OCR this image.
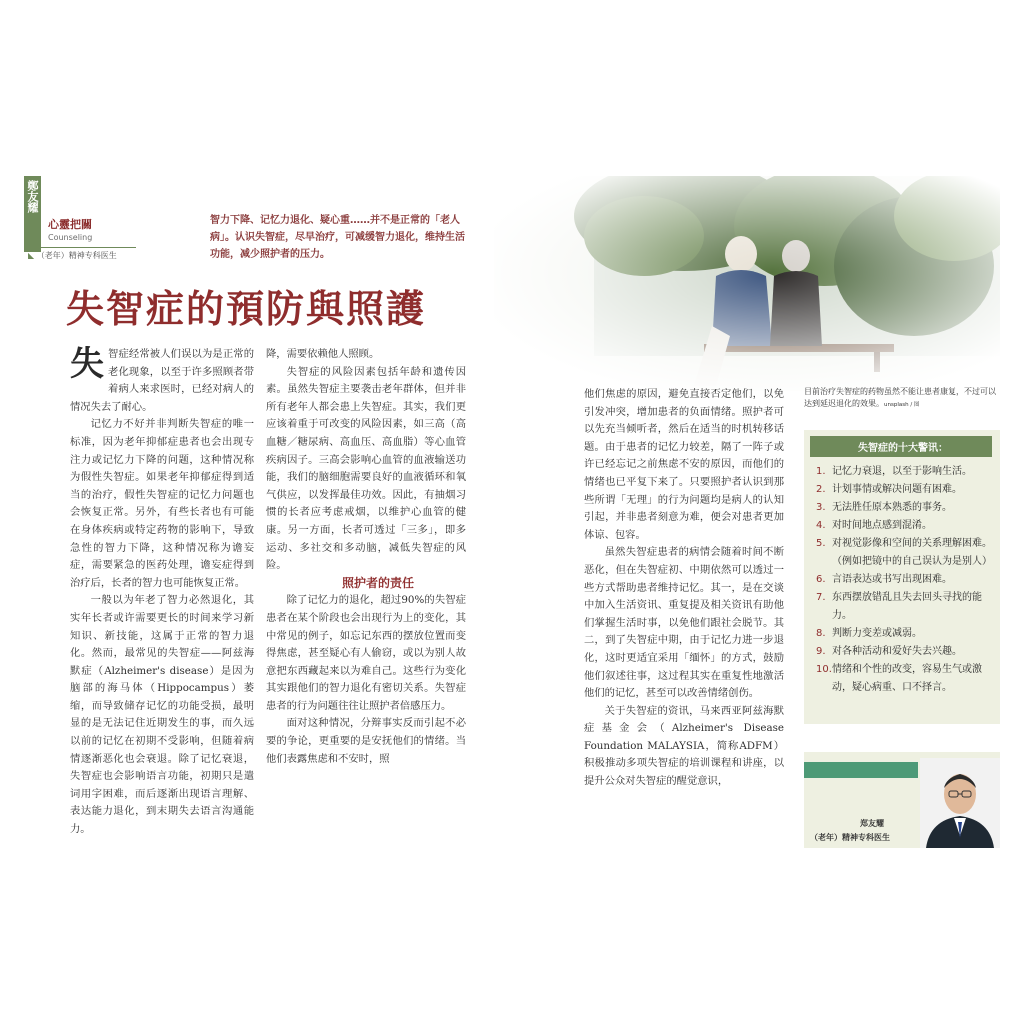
鄭友耀
心靈把關
Counseling
◣ （老年）精神专科医生
智力下降、记忆力退化、疑心重……并不是正常的「老人病」。认识失智症，尽早治疗，可减缓智力退化，维持生活功能，减少照护者的压力。
失智症的預防與照護

失智症经常被人们误以为是正常的老化现象，以至于许多照顾者带着病人来求医时，已经对病人的情况失去了耐心。

记忆力不好并非判断失智症的唯一标准，因为老年抑郁症患者也会出现专注力或记忆力下降的问题，这种情况称为假性失智症。如果老年抑郁症得到适当的治疗，假性失智症的记忆力问题也会恢复正常。另外，有些长者也有可能在身体疾病或特定药物的影响下，导致急性的智力下降，这种情况称为谵妄症，需要紧急的医药处理，谵妄症得到治疗后，长者的智力也可能恢复正常。

一般以为年老了智力必然退化，其实年长者或许需要更长的时间来学习新知识、新技能，这属于正常的智力退化。然而，最常见的失智症——阿兹海默症（Alzheimer's disease）是因为脑部的海马体（Hippocampus）萎缩，而导致储存记忆的功能受损，最明显的是无法记住近期发生的事，而久远以前的记忆在初期不受影响，但随着病情逐渐恶化也会衰退。除了记忆衰退，失智症也会影响语言功能，初期只是遣词用字困难，而后逐渐出现语言理解、表达能力退化，到末期失去语言沟通能力。

降，需要依赖他人照顾。

失智症的风险因素包括年龄和遗传因素。虽然失智症主要袭击老年群体，但并非所有老年人都会患上失智症。其实，我们更应该着重于可改变的风险因素，如三高（高血糖／糖尿病、高血压、高血脂）等心血管疾病因子。三高会影响心血管的血液输送功能，我们的脑细胞需要良好的血液循环和氧气供应，以发挥最佳功效。因此，有抽烟习惯的长者应考虑戒烟，以维护心血管的健康。另一方面，长者可透过「三多」，即多运动、多社交和多动脑，减低失智症的风险。

照护者的责任

除了记忆力的退化，超过90%的失智症患者在某个阶段也会出现行为上的变化，其中常见的例子，如忘记东西的摆放位置而变得焦虑，甚至疑心有人偷窃，或以为别人故意把东西藏起来以为难自己。这些行为变化其实跟他们的智力退化有密切关系。失智症患者的行为问题往往让照护者倍感压力。

面对这种情况，分辩事实反而引起不必要的争论，更重要的是安抚他们的情绪。当他们表露焦虑和不安时，照

他们焦虑的原因，避免直接否定他们，以免引发冲突，增加患者的负面情绪。照护者可以先充当倾听者，然后在适当的时机转移话题。由于患者的记忆力较差，隔了一阵子或许已经忘记之前焦虑不安的原因，而他们的情绪也已平复下来了。只要照护者认识到那些所谓「无理」的行为问题均是病人的认知引起，并非患者刻意为难，便会对患者更加体谅、包容。

虽然失智症患者的病情会随着时间不断恶化，但在失智症初、中期依然可以透过一些方式帮助患者维持记忆。其一，是在交谈中加入生活资讯、重复提及相关资讯有助他们掌握生活时事，以免他们跟社会脱节。其二，到了失智症中期，由于记忆力进一步退化，这时更适宜采用「缅怀」的方式，鼓励他们叙述往事，这过程其实在重复性地激活他们的记忆，甚至可以改善情绪创伤。

关于失智症的资讯，马来西亚阿兹海默症基金会（Alzheimer's Disease Foundation MALAYSIA，简称ADFM）积极推动多项失智症的培训课程和讲座，以提升公众对失智症的醒觉意识，

目前治疗失智症的药物虽然不能让患者康复，不过可以达到延迟退化的效果。unsplash / 图
失智症的十大警讯：
1. 记忆力衰退，以至于影响生活。
2. 计划事情或解决问题有困难。
3. 无法胜任原本熟悉的事务。
4. 对时间地点感到混淆。
5. 对视觉影像和空间的关系理解困难。（例如把镜中的自己误认为是别人）
6. 言语表达或书写出现困难。
7. 东西摆放错乱且失去回头寻找的能力。
8. 判断力变差或减弱。
9. 对各种活动和爱好失去兴趣。
10. 情绪和个性的改变，容易生气或激动，疑心病重、口不择言。
郑友耀
（老年）精神专科医生
